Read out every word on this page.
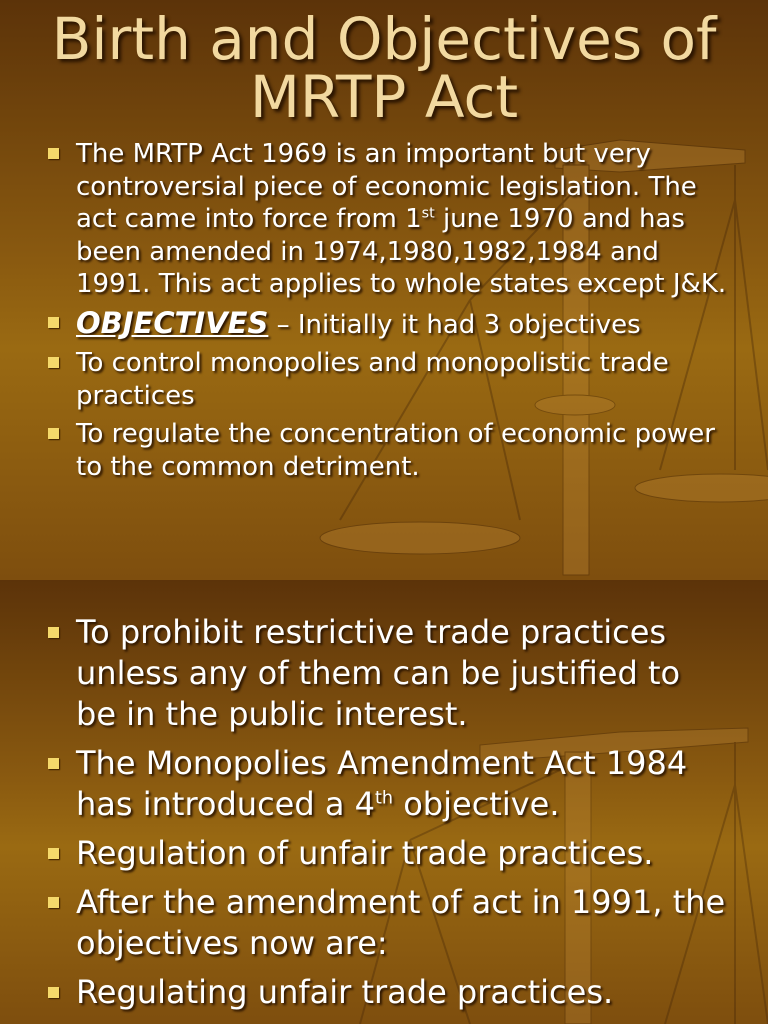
Birth and Objectives of MRTP Act
The MRTP Act 1969 is an important but very controversial piece of economic legislation. The act came into force from 1st june 1970 and has been amended in 1974,1980,1982,1984 and 1991. This act applies to whole states except J&K.
OBJECTIVES – Initially it had 3 objectives
To control monopolies and monopolistic trade practices
To regulate the concentration of economic power to the common detriment.
To prohibit restrictive trade practices unless any of them can be justified to be in the public interest.
The Monopolies Amendment Act 1984 has introduced a 4th objective.
Regulation of unfair trade practices.
After the amendment of act in 1991, the objectives now are:
Regulating unfair trade practices.
